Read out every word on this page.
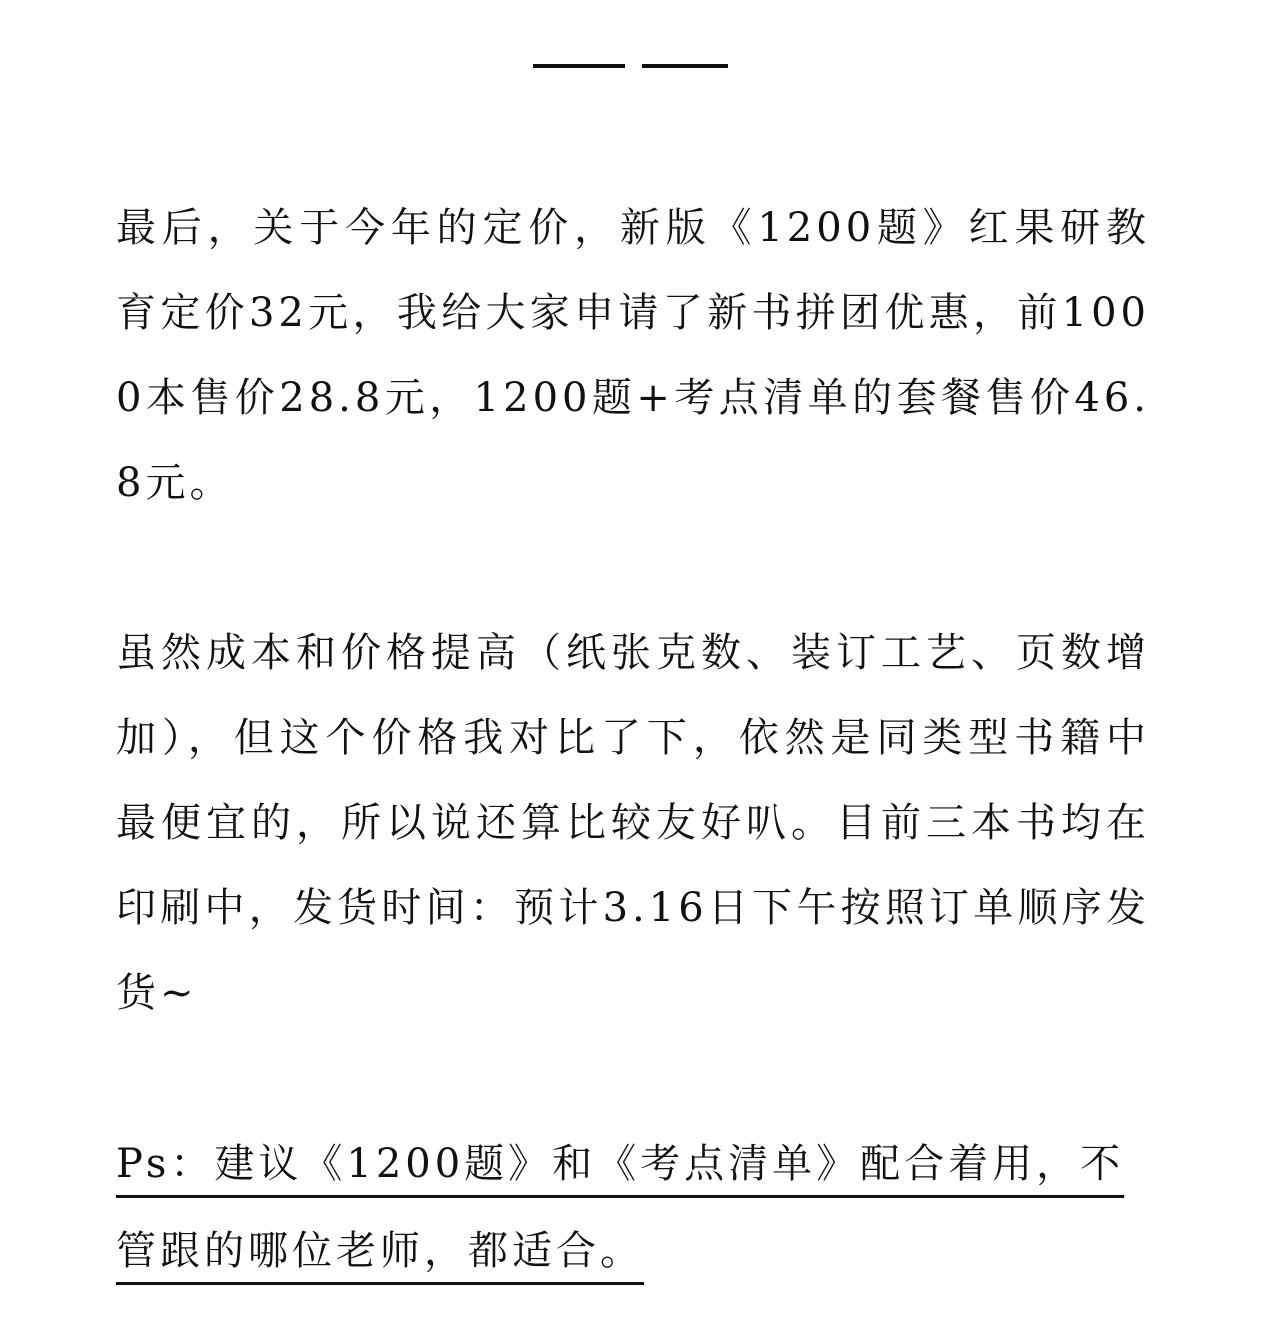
最后，关于今年的定价，新版《1200题》红果研教育定价32元，我给大家申请了新书拼团优惠，前1000本售价28.8元，1200题+考点清单的套餐售价46.8元。

虽然成本和价格提高（纸张克数、装订工艺、页数增加），但这个价格我对比了下，依然是同类型书籍中最便宜的，所以说还算比较友好叭。目前三本书均在印刷中，发货时间：预计3.16日下午按照订单顺序发货~

Ps：建议《1200题》和《考点清单》配合着用，不管跟的哪位老师，都适合。
